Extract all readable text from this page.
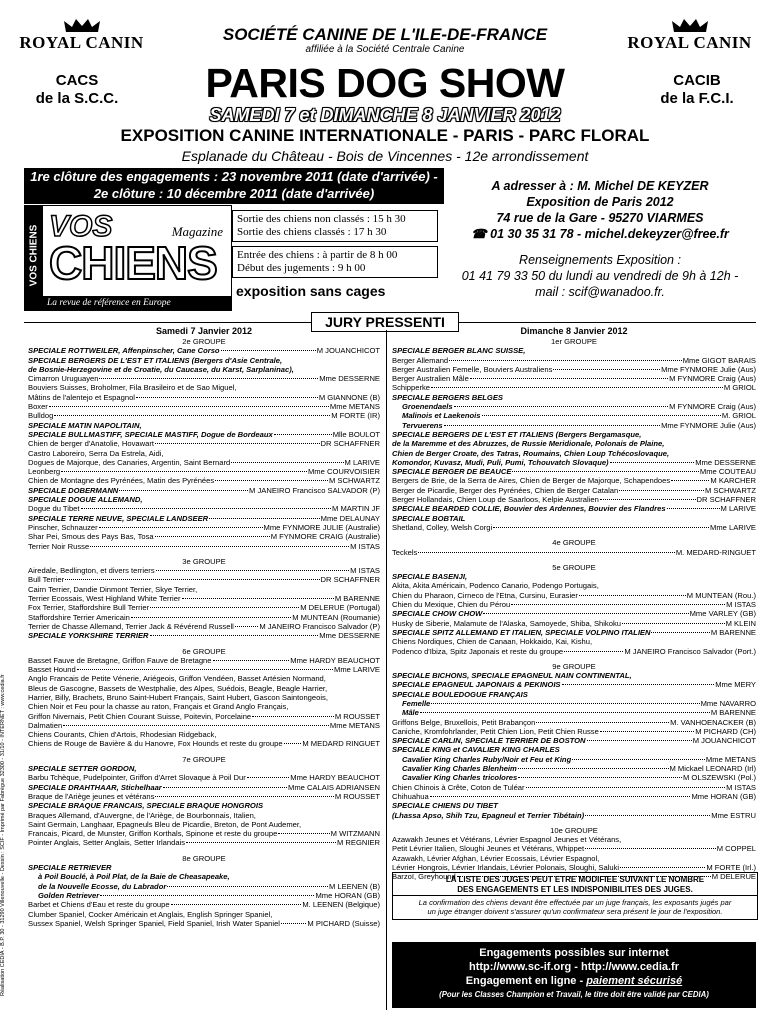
ROYAL CANIN	ROYAL CANIN
SOCIÉTÉ CANINE DE L'ILE-DE-FRANCE
affiliée à la Société Centrale Canine
CACS
de la S.C.C.
CACIB
de la F.C.I.
PARIS DOG SHOW
SAMEDI 7 et DIMANCHE 8 JANVIER 2012
EXPOSITION CANINE INTERNATIONALE - PARIS - PARC FLORAL
Esplanade du Château - Bois de Vincennes - 12e arrondissement
1re clôture des engagements : 23 novembre 2011 (date d'arrivée) -
2e clôture : 10 décembre 2011 (date d'arrivée)	A adresser à : M. Michel DE KEYZER
Exposition de Paris 2012
74 rue de la Gare - 95270 VIARMES
☎ 01 30 35 31 78 - michel.dekeyzer@free.fr
Renseignements Exposition :
01 41 79 33 50 du lundi au vendredi de 9h à 12h -
mail : scif@wanadoo.fr.
VOS CHIENS VOS
CHIENS
Magazine
La revue de référence en Europe
Sortie des chiens non classés : 15 h 30
Sortie des chiens classés : 17 h 30
Entrée des chiens : à partir de 8 h 00
Début des jugements : 9 h 00
exposition sans cages
JURY PRESSENTI
Samedi 7 Janvier 2012
2e GROUPE
SPECIALE ROTTWEILER, Affenpinscher, Cane Corso	M JOUANCHICOT
SPECIALE BERGERS DE L'EST ET ITALIENS (Bergers d'Asie Centrale,
de Bosnie-Herzegovine et de Croatie, du Caucase, du Karst, Sarplaninac),
Cimarron Uruguayen	Mme DESSERNE
Bouviers Suisses, Broholmer, Fila Brasileiro et de Sao Miguel,
Mâtins de l'alentejo et Espagnol	M GIANNONE (B)
Boxer	Mme METANS
Bulldog	M FORTE (IR)
SPECIALE MATIN NAPOLITAIN,
SPECIALE BULLMASTIFF, SPECIALE MASTIFF, Dogue de Bordeaux	Mlle BOULOT
Chien de berger d'Anatolie, Hovawart	DR SCHAFFNER
Castro Laboreiro, Serra Da Estrela, Aidi,
Dogues de Majorque, des Canaries, Argentin, Saint Bernard	M LARIVE
Leonberg	Mme COURVOISIER
Chien de Montagne des Pyrénées, Matin des Pyrénées	M SCHWARTZ
SPECIALE DOBERMANN	M JANEIRO Francisco SALVADOR (P)
SPECIALE DOGUE ALLEMAND,
Dogue du Tibet	M MARTIN JF
SPECIALE TERRE NEUVE, SPECIALE LANDSEER	Mme DELAUNAY
Pinscher, Schnauzer	Mme FYNMORE JULIE (Australie)
Shar Pei, Smous des Pays Bas, Tosa	M FYNMORE CRAIG (Australie)
Terrier Noir Russe	M ISTAS
3e GROUPE
Airedale, Bedlington, et divers terriers	M ISTAS
Bull Terrier	DR SCHAFFNER
Cairn Terrier, Dandie Dinmont Terrier, Skye Terrier,
Terrier Ecossais, West Highland White Terrier	M BARENNE
Fox Terrier, Staffordshire Bull Terrier	M DELERUE (Portugal)
Staffordshire Terrier Americain	M MUNTEAN (Roumanie)
Terrier de Chasse Allemand, Terrier Jack & Révérend Russell	M JANEIRO Francisco Salvador (P)
SPECIALE YORKSHIRE TERRIER	Mme DESSERNE
6e GROUPE
Basset Fauve de Bretagne, Griffon Fauve de Bretagne	Mme HARDY BEAUCHOT
Basset Hound	Mme LARIVE
Anglo Francais de Petite Vénerie, Ariégeois, Griffon Vendéen, Basset Artésien Normand,
Bleus de Gascogne, Bassets de Westphalie, des Alpes, Suédois, Beagle, Beagle Harrier,
Harrier, Billy, Brachets, Bruno Saint-Hubert Français, Saint Hubert, Gascon Saintongeois,
Chien Noir et Feu pour la chasse au raton, Français et Grand Anglo Français,
Griffon Nivernais, Petit Chien Courant Suisse, Poitevin, Porcelaine	M ROUSSET
Dalmatien	Mme METANS
Chiens Courants, Chien d'Artois, Rhodesian Ridgeback,
Chiens de Rouge de Bavière & du Hanovre, Fox Hounds et reste du groupe	M MEDARD RINGUET
7e GROUPE
SPECIALE SETTER GORDON,
Barbu Tchèque, Pudelpointer, Griffon d'Arret Slovaque à Poil Dur	Mme HARDY BEAUCHOT
SPECIALE DRAHTHAAR, Stichelhaar	Mme CALAIS ADRIANSEN
Braque de l'Ariège jeunes et vétérans	M ROUSSET
SPECIALE BRAQUE FRANCAIS, SPECIALE BRAQUE HONGROIS
Braques Allemand, d'Auvergne, de l'Ariège, de Bourbonnais, Italien,
Saint Germain, Langhaar, Epagneuls Bleu de Picardie, Breton, de Pont Audemer,
Francais, Picard, de Munster, Griffon Korthals, Spinone et reste du groupe	M WITZMANN
Pointer Anglais, Setter Anglais, Setter Irlandais	M REGNIER
8e GROUPE
SPECIALE RETRIEVER
à Poil Bouclé, à Poil Plat, de la Baie de Cheasapeake,
de la Nouvelle Ecosse, du Labrador	M LEENEN (B)
Golden Retriever	Mme HORAN (GB)
Barbet et Chiens d'Eau et reste du groupe	M. LEENEN (Belgique)
Clumber Spaniel, Cocker Américain et Anglais, English Springer Spaniel,
Sussex Spaniel, Welsh Springer Spaniel, Field Spaniel, Irish Water Spaniel	M PICHARD (Suisse)
Dimanche 8 Janvier 2012
1er GROUPE
SPECIALE BERGER BLANC SUISSE,
Berger Allemand	Mme GIGOT BARAIS
Berger Australien Femelle, Bouviers Australiens	Mme FYNMORE Julie (Aus)
Berger Australien Mâle	M FYNMORE Craig (Aus)
Schipperke	M GRIOL
SPECIALE BERGERS BELGES
Groenendaels	M FYNMORE Craig (Aus)
Malinois et Laekenois	M. GRIOL
Tervuerens	Mme FYNMORE Julie (Aus)
SPECIALE BERGERS DE L'EST ET ITALIENS (Bergers Bergamasque,
de la Maremme et des Abruzzes, de Russie Meridionale, Polonais de Plaine,
Chien de Berger Croate, des Tatras, Roumains, Chien Loup Tchécoslovaque,
Komondor, Kuvasz, Mudi, Puli, Pumi, Tchouvatch Slovaque)	Mme DESSERNE
SPECIALE BERGER DE BEAUCE	Mme COUTEAU
Bergers de Brie, de la Serra de Aires, Chien de Berger de Majorque, Schapendoes	M KARCHER
Berger de Picardie, Berger des Pyrénées, Chien de Berger Catalan	M SCHWARTZ
Berger Hollandais, Chien Loup de Saarloos, Kelpie Australien	DR SCHAFFNER
SPECIALE BEARDED COLLIE, Bouvier des Ardennes, Bouvier des Flandres	M LARIVE
SPECIALE BOBTAIL
Shetland, Colley, Welsh Corgi	Mme LARIVE
4e GROUPE
Teckels	M. MEDARD-RINGUET
5e GROUPE
SPECIALE BASENJI,
Akita, Akita Américain, Podenco Canario, Podengo Portugais,
Chien du Pharaon, Cirneco de l'Etna, Cursinu, Eurasier	M MUNTEAN (Rou.)
Chien du Mexique, Chien du Pérou	M ISTAS
SPECIALE CHOW CHOW	Mme VARLEY (GB)
Husky de Siberie, Malamute de l'Alaska, Samoyede, Shiba, Shikoku	M KLEIN
SPECIALE SPITZ ALLEMAND ET ITALIEN, SPECIALE VOLPINO ITALIEN	M BARENNE
Chiens Nordiques, Chien de Canaan, Hokkaido, Kai, Kishu,
Podenco d'Ibiza, Spitz Japonais et reste du groupe	M JANEIRO Francisco Salvador (Port.)
9e GROUPE
SPECIALE BICHONS, SPECIALE EPAGNEUL NAIN CONTINENTAL,
SPECIALE EPAGNEUL JAPONAIS & PEKINOIS	Mme MERY
SPECIALE BOULEDOGUE FRANÇAIS
Femelle	Mme NAVARRO
Mâle	M BARENNE
Griffons Belge, Bruxellois, Petit Brabançon	M. VANHOENACKER (B)
Caniche, Kromfohrlander, Petit Chien Lion, Petit Chien Russe	M PICHARD (CH)
SPECIALE CARLIN, SPECIALE TERRIER DE BOSTON	M JOUANCHICOT
SPECIALE KING et CAVALIER KING CHARLES
Cavalier King Charles Ruby/Noir et Feu et King	Mme METANS
Cavalier King Charles Blenheim	M Mickael LEONARD (Irl)
Cavalier King Charles tricolores	M OLSZEWSKI (Pol.)
Chien Chinois à Crête, Coton de Tuléar	M ISTAS
Chihuahua	Mme HORAN (GB)
SPECIALE CHIENS DU TIBET
(Lhassa Apso, Shih Tzu, Epagneul et Terrier Tibétain)	Mme ESTRU
10e GROUPE
Azawakh Jeunes et Vétérans, Lévrier Espagnol Jeunes et Vétérans,
Petit Lévrier Italien, Sloughi Jeunes et Vétérans, Whippet	M COPPEL
Azawakh, Lévrier Afghan, Lévrier Ecossais, Lévrier Espagnol,
Lévrier Hongrois, Lévrier Irlandais, Lévrier Polonais, Sloughi, Saluki	M FORTE (Irl.)
Barzoï, Greyhound	M DELERUE
LA LISTE DES JUGES PEUT ETRE MODIFIEE SUIVANT LE NOMBRE
DES ENGAGEMENTS ET LES INDISPONIBILITES DES JUGES.
La confirmation des chiens devant être effectuée par un juge français, les exposants jugés par
un juge étranger doivent s'assurer qu'un confirmateur sera présent le jour de l'exposition.
Engagements possibles sur internet
http://www.sc-if.org - http://www.cedia.fr
Engagement en ligne - paiement sécurisé
(Pour les Classes Champion et Travail, le titre doit être validé par CEDIA)
Réalisation CEDIA - B.P. 30 - 31290 Villenouvelle - Dessin : SCIF - Imprimé par Fabrègue 32300 - 31/10 - INTERNET : www.cedia.fr
